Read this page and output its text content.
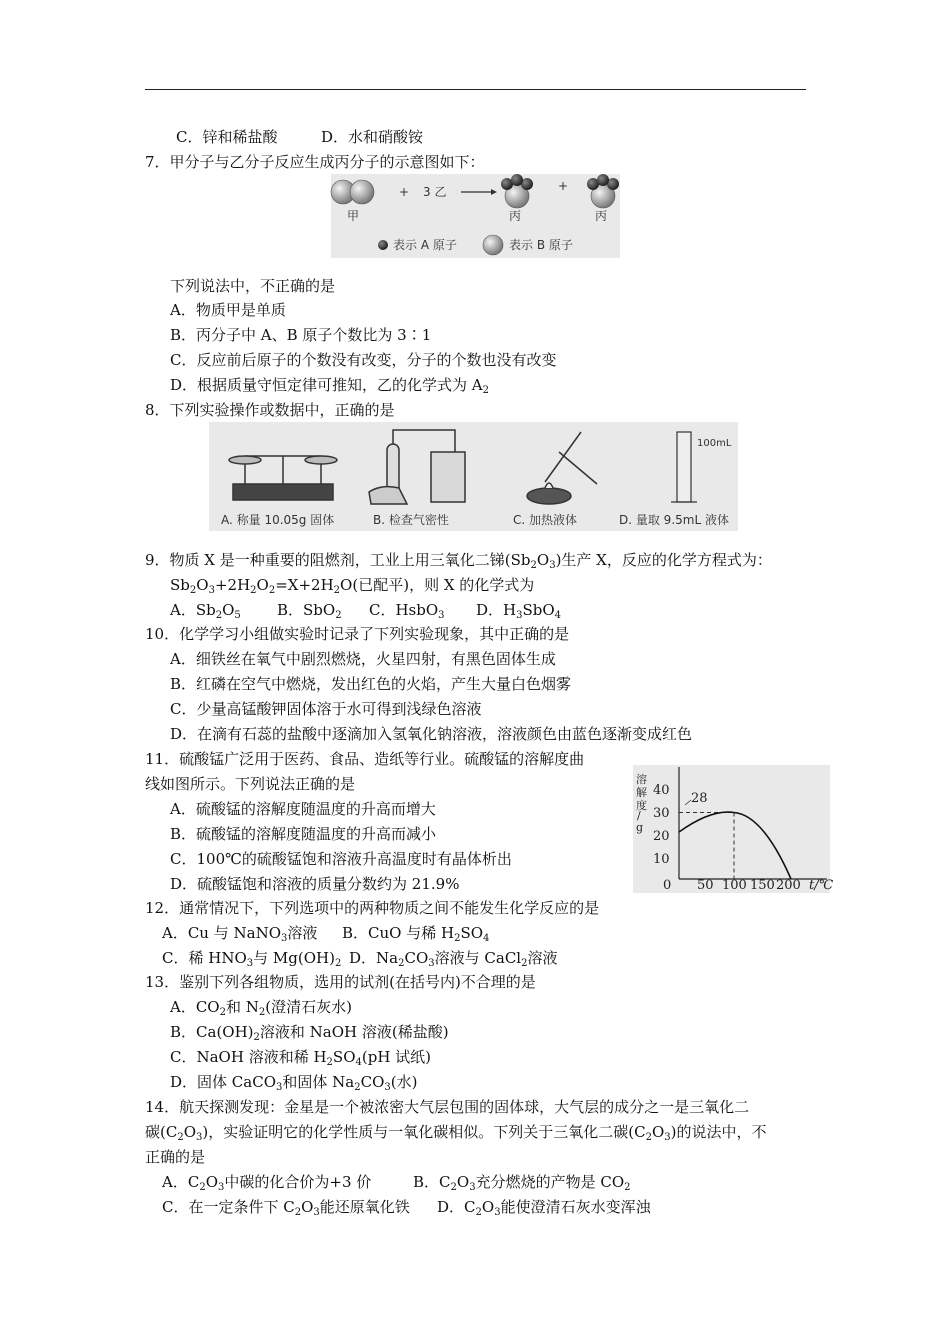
C．锌和稀盐酸	D．水和硝酸铵
7．甲分子与乙分子反应生成丙分子的示意图如下：
甲
+ 3 乙
丙
+
丙
表示 A 原子	表示 B 原子
下列说法中，不正确的是
A．物质甲是单质
B．丙分子中 A、B 原子个数比为 3∶1
C．反应前后原子的个数没有改变，分子的个数也没有改变
D．根据质量守恒定律可推知，乙的化学式为 $A_2$
8．下列实验操作或数据中，正确的是
A. 称量 10.05g 固体	B. 检查气密性	C. 加热液体
100mL
D. 量取 9.5mL 液体
9．物质 X 是一种重要的阻燃剂，工业上用三氧化二锑$(Sb_2O_3)$生产 X，反应的化学方程式为：
$Sb_2O_3+2H_2O_2=X+2H_2O$(已配平)，则 X 的化学式为
A．$Sb_2O_5$ B．SbO$_2$ C．HsbO$_3$ D．$H_3SbO_4$
10．化学学习小组做实验时记录了下列实验现象，其中正确的是
A．细铁丝在氧气中剧烈燃烧，火星四射，有黑色固体生成
B．红磷在空气中燃烧，发出红色的火焰，产生大量白色烟雾
C．少量高锰酸钾固体溶于水可得到浅绿色溶液
D．在滴有石蕊的盐酸中逐滴加入氢氧化钠溶液，溶液颜色由蓝色逐渐变成红色
11．硫酸锰广泛用于医药、食品、造纸等行业。硫酸锰的溶解度曲
线如图所示。下列说法正确的是
A．硫酸锰的溶解度随温度的升高而增大
B．硫酸锰的溶解度随温度的升高而减小
C．100℃的硫酸锰饱和溶液升高温度时有晶体析出
D．硫酸锰饱和溶液的质量分数约为 21.9%
溶
解
度
/
g
40
30
20
10
0 50 100 150 200 t/℃
28
12．通常情况下，下列选项中的两种物质之间不能发生化学反应的是
A．Cu 与 NaNO$_3$溶液 B．CuO 与稀 $H_2SO_4$
C．稀 $HNO_3$与 $Mg(OH)_2$ D．$Na_2CO_3$溶液与 CaCl$_2$溶液
13．鉴别下列各组物质，选用的试剂(在括号内)不合理的是
A．$CO_2$和 $N_2$(澄清石灰水)
B．$Ca(OH)_2$溶液和 NaOH 溶液(稀盐酸)
C．NaOH 溶液和稀 $H_2SO_4(pH$ 试纸)
D．固体 CaCO$_3$和固体 $Na_2CO_3$(水)
14．航天探测发现：金星是一个被浓密大气层包围的固体球，大气层的成分之一是三氧化二
碳$(C_2O_3)$，实验证明它的化学性质与一氧化碳相似。下列关于三氧化二碳$(C_2O_3)$的说法中，不
正确的是
A．$C_2O_3$中碳的化合价为+3 价	B．$C_2O_3$充分燃烧的产物是 $CO_2$
C．在一定条件下 $C_2O_3$能还原氧化铁 D．$C_2O_3$能使澄清石灰水变浑浊
